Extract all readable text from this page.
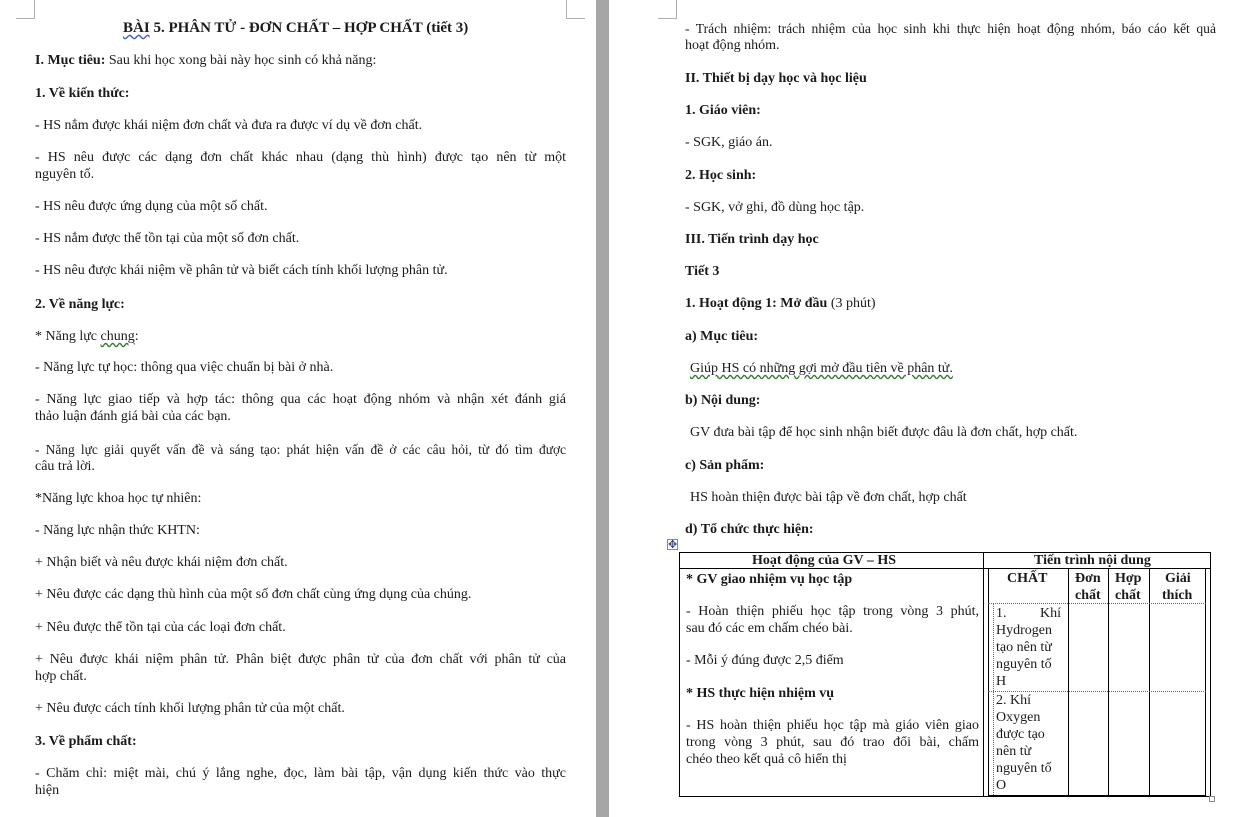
BÀI 5. PHÂN TỬ - ĐƠN CHẤT – HỢP CHẤT (tiết 3)
I. Mục tiêu: Sau khi học xong bài này học sinh có khả năng:
1. Về kiến thức:
- HS nắm được khái niệm đơn chất và đưa ra được ví dụ về đơn chất.
- HS nêu được các dạng đơn chất khác nhau (dạng thù hình) được tạo nên từ một
nguyên tố.
- HS nêu được ứng dụng của một số chất.
- HS nắm được thể tồn tại của một số đơn chất.
- HS nêu được khái niệm về phân tử và biết cách tính khối lượng phân tử.
2. Về năng lực:
* Năng lực chung:
- Năng lực tự học: thông qua việc chuẩn bị bài ở nhà.
- Năng lực giao tiếp và hợp tác: thông qua các hoạt động nhóm và nhận xét đánh giá
thảo luận đánh giá bài của các bạn.
- Năng lực giải quyết vấn đề và sáng tạo: phát hiện vấn đề ở các câu hỏi, từ đó tìm được
câu trả lời.
*Năng lực khoa học tự nhiên:
- Năng lực nhận thức KHTN:
+ Nhận biết và nêu được khái niệm đơn chất.
+ Nêu được các dạng thù hình của một số đơn chất cùng ứng dụng của chúng.
+ Nêu được thể tồn tại của các loại đơn chất.
+ Nêu được khái niệm phân tử. Phân biệt được phân tử của đơn chất với phân tử của
hợp chất.
+ Nêu được cách tính khối lượng phân tử của một chất.
3. Về phẩm chất:
- Chăm chỉ: miệt mài, chú ý lắng nghe, đọc, làm bài tập, vận dụng kiến thức vào thực
hiện
- Trách nhiệm: trách nhiệm của học sinh khi thực hiện hoạt động nhóm, báo cáo kết quả
hoạt động nhóm.
II. Thiết bị dạy học và học liệu
1. Giáo viên:
- SGK, giáo án.
2. Học sinh:
- SGK, vở ghi, đồ dùng học tập.
III. Tiến trình dạy học
Tiết 3
1. Hoạt động 1: Mở đầu (3 phút)
a) Mục tiêu:
Giúp HS có những gợi mở đầu tiên về phân tử.
b) Nội dung:
GV đưa bài tập để học sinh nhận biết được đâu là đơn chất, hợp chất.
c) Sản phẩm:
HS hoàn thiện được bài tập về đơn chất, hợp chất
d) Tổ chức thực hiện:
✥
Hoạt động của GV – HS	Tiến trình nội dung
* GV giao nhiệm vụ học tập
- Hoàn thiện phiếu học tập trong vòng 3 phút,
sau đó các em chấm chéo bài.
- Mỗi ý đúng được 2,5 điểm
* HS thực hiện nhiệm vụ
- HS hoàn thiện phiếu học tập mà giáo viên giao
trong vòng 3 phút, sau đó trao đổi bài, chấm
chéo theo kết quả cô hiển thị
CHẤT Đơn
chất
Hợp
chất
Giải
thích
1. Khí
Hydrogen
tạo nên từ
nguyên tố
H
2. Khí
Oxygen
được tạo
nên từ
nguyên tố
O
